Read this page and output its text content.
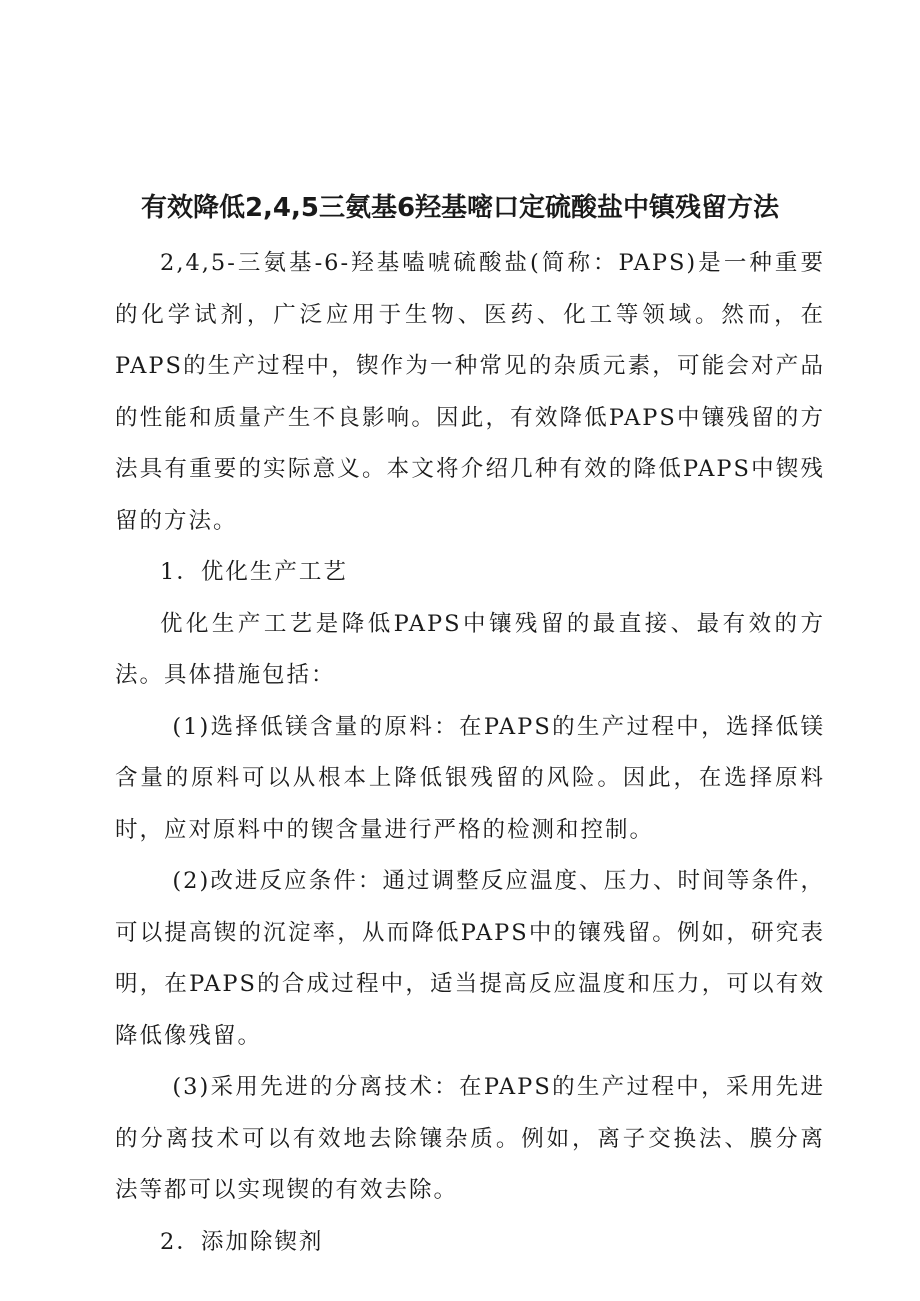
有效降低2,4,5三氨基6羟基嘧口定硫酸盐中镇残留方法

2,4,5-三氨基-6-羟基嗑唬硫酸盐(简称：PAPS)是一种重要的化学试剂，广泛应用于生物、医药、化工等领域。然而，在PAPS的生产过程中，锲作为一种常见的杂质元素，可能会对产品的性能和质量产生不良影响。因此，有效降低PAPS中镶残留的方法具有重要的实际意义。本文将介绍几种有效的降低PAPS中锲残留的方法。

1．优化生产工艺

优化生产工艺是降低PAPS中镶残留的最直接、最有效的方法。具体措施包括：

(1)选择低镁含量的原料：在PAPS的生产过程中，选择低镁含量的原料可以从根本上降低银残留的风险。因此，在选择原料时，应对原料中的锲含量进行严格的检测和控制。

(2)改进反应条件：通过调整反应温度、压力、时间等条件，可以提高锲的沉淀率，从而降低PAPS中的镶残留。例如，研究表明，在PAPS的合成过程中，适当提高反应温度和压力，可以有效降低像残留。

(3)采用先进的分离技术：在PAPS的生产过程中，采用先进的分离技术可以有效地去除镶杂质。例如，离子交换法、膜分离法等都可以实现锲的有效去除。

2．添加除锲剂
